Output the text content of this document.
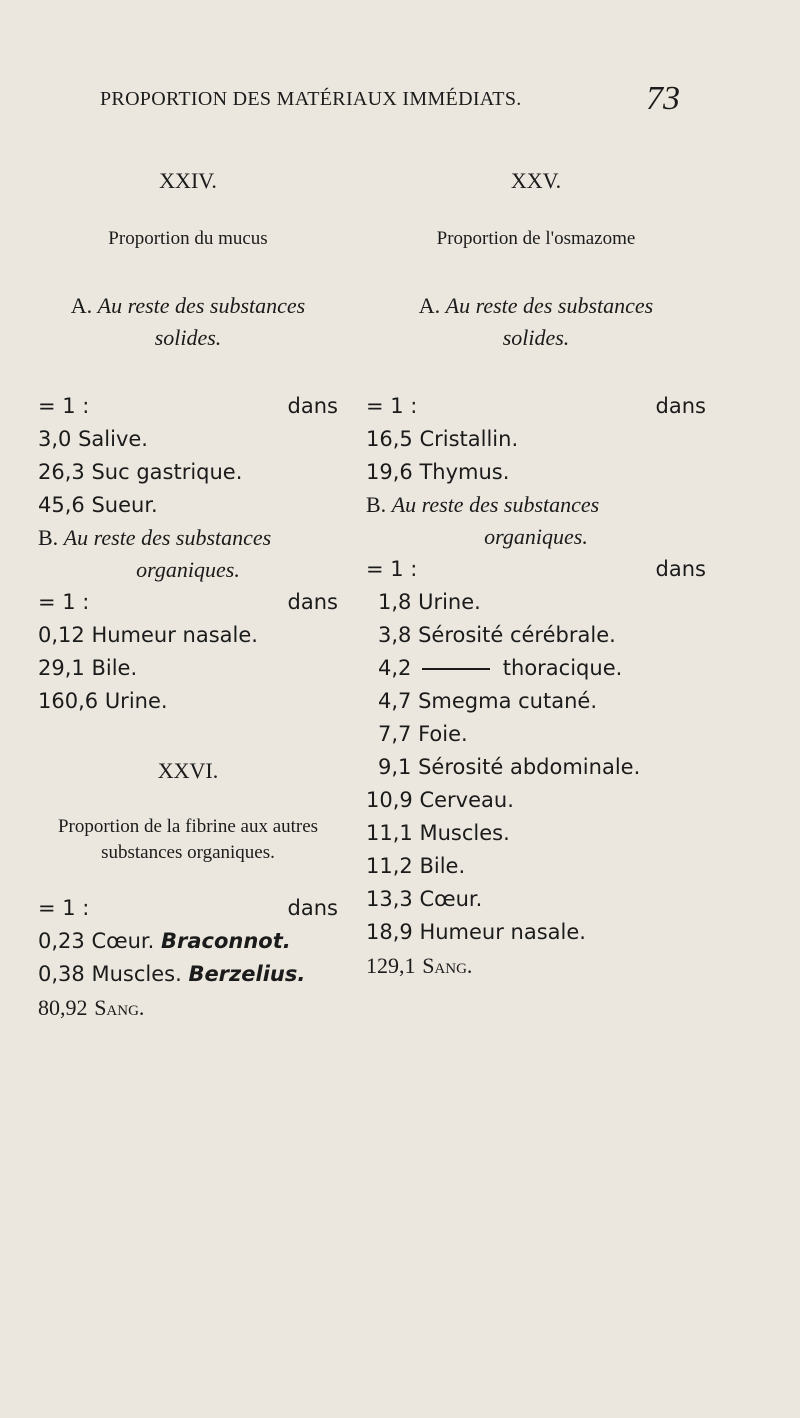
PROPORTION DES MATÉRIAUX IMMÉDIATS.	73

XXIV.

Proportion du mucus
A. Au reste des substances
solides.
= 1 :	dans
3,0 Salive.
26,3 Suc gastrique.
45,6 Sueur.
B. Au reste des substances
organiques.
= 1 :	dans
0,12 Humeur nasale.
29,1 Bile.
160,6 Urine.

XXVI.

Proportion de la fibrine aux autres
substances organiques.
= 1 :	dans
0,23 Cœur. Braconnot.
0,38 Muscles. Berzelius.
80,92 Sang.

XXV.

Proportion de l'osmazome
A. Au reste des substances
solides.
= 1 :	dans
16,5 Cristallin.
19,6 Thymus.
B. Au reste des substances
organiques.
= 1 :	dans
1,8 Urine.
3,8 Sérosité cérébrale.
4,2	thoracique.
4,7 Smegma cutané.
7,7 Foie.
9,1 Sérosité abdominale.
10,9 Cerveau.
11,1 Muscles.
11,2 Bile.
13,3 Cœur.
18,9 Humeur nasale.
129,1 Sang.
